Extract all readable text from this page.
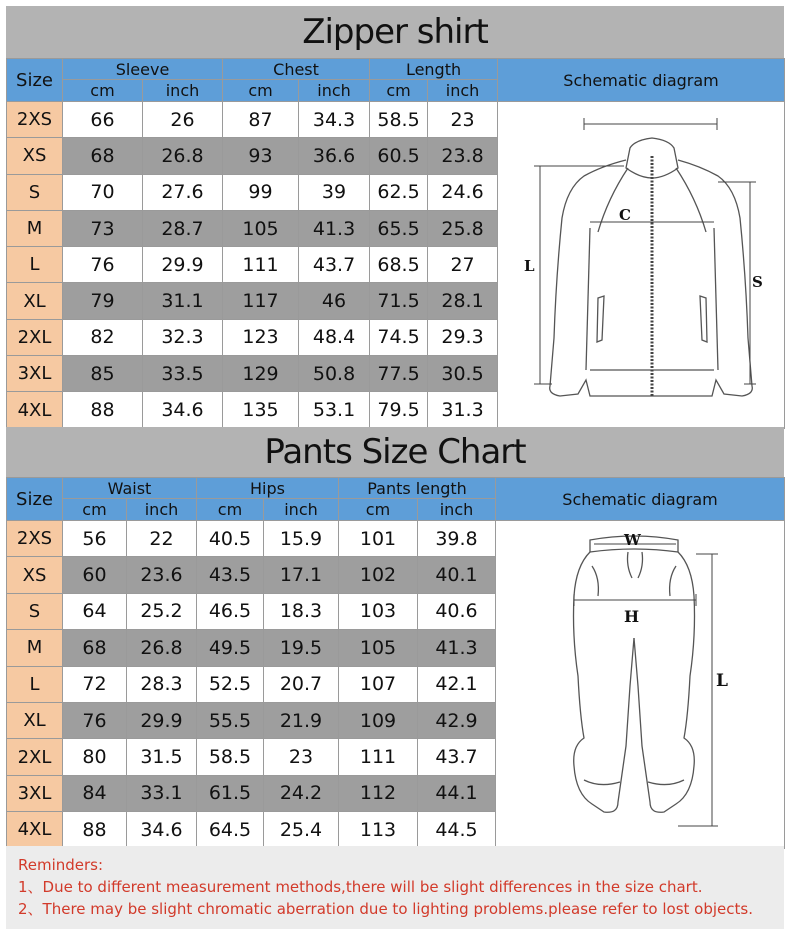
Zipper shirt
Size	Sleeve		Chest		Length		Schematic diagram
	cm	inch	cm	inch	cm	inch	
2XS	66	26	87	34.3	58.5	23	
XS	68	26.8	93	36.6	60.5	23.8	
S	70	27.6	99	39	62.5	24.6	
M	73	28.7	105	41.3	65.5	25.8	
L	76	29.9	111	43.7	68.5	27	
XL	79	31.1	117	46	71.5	28.1	
2XL	82	32.3	123	48.4	74.5	29.3	
3XL	85	33.5	129	50.8	77.5	30.5	
4XL	88	34.6	135	53.1	79.5	31.3	
Pants Size Chart
Size	Waist		Hips		Pants length		Schematic diagram
	cm	inch	cm	inch	cm	inch	
2XS	56	22	40.5	15.9	101	39.8	
XS	60	23.6	43.5	17.1	102	40.1	
S	64	25.2	46.5	18.3	103	40.6	
M	68	26.8	49.5	19.5	105	41.3	
L	72	28.3	52.5	20.7	107	42.1	
XL	76	29.9	55.5	21.9	109	42.9	
2XL	80	31.5	58.5	23	111	43.7	
3XL	84	33.1	61.5	24.2	112	44.1	
4XL	88	34.6	64.5	25.4	113	44.5	
C
L
S
W
H
L
Reminders:
1、Due to different measurement methods,there will be slight differences in the size chart.
2、There may be slight chromatic aberration due to lighting problems.please refer to lost objects.
